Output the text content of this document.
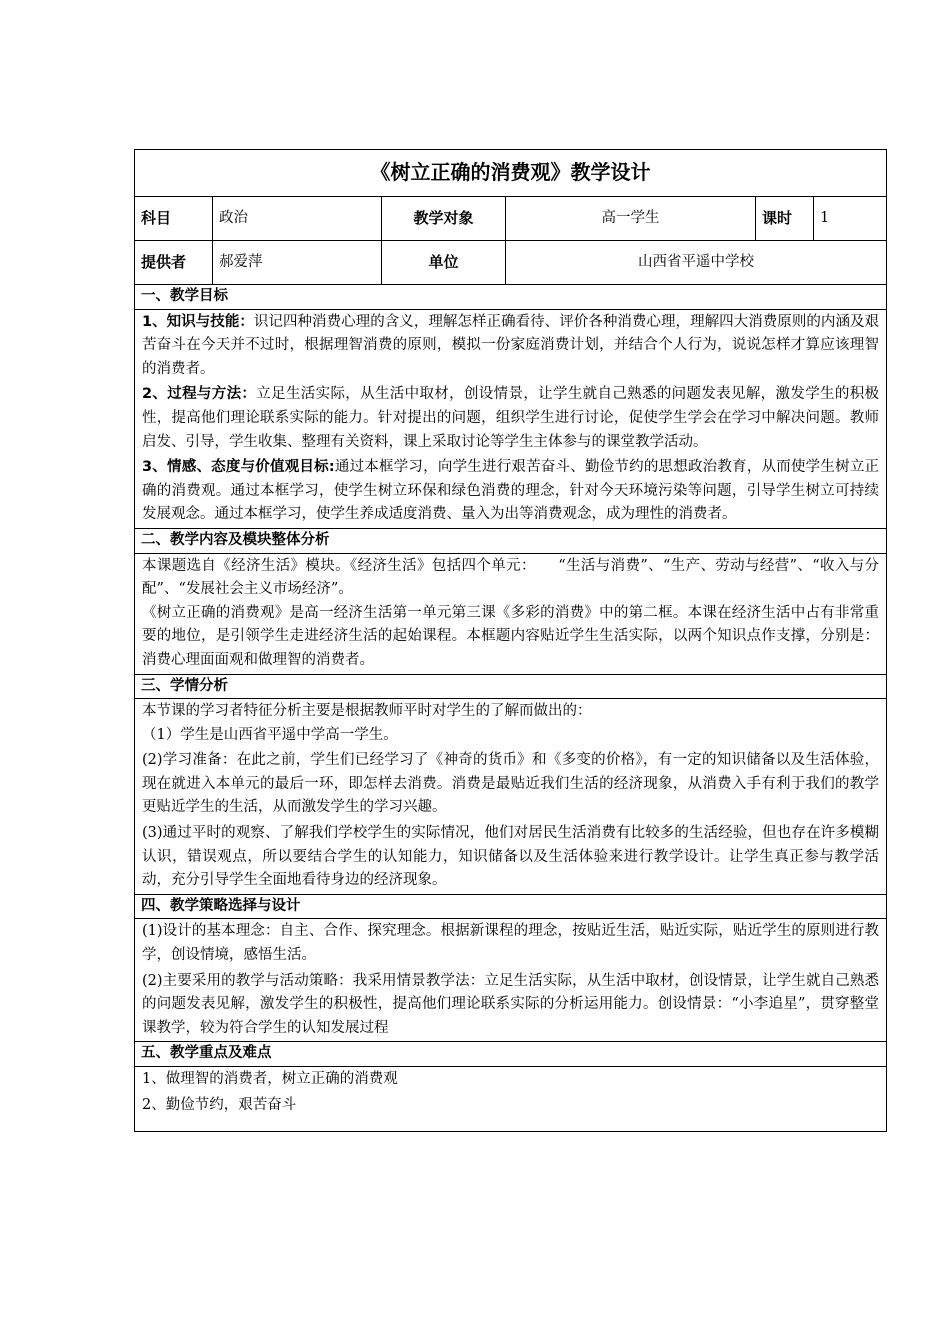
《树立正确的消费观》教学设计					
科目	政治	教学对象	高一学生	课时	1
提供者	郝爱萍	单位	山西省平遥中学校		
一、教学目标					

1、知识与技能：识记四种消费心理的含义，理解怎样正确看待、评价各种消费心理，理解四大消费原则的内涵及艰苦奋斗在今天并不过时，根据理智消费的原则，模拟一份家庭消费计划，并结合个人行为，说说怎样才算应该理智的消费者。

2、过程与方法：立足生活实际，从生活中取材，创设情景，让学生就自己熟悉的问题发表见解，激发学生的积极性，提高他们理论联系实际的能力。针对提出的问题，组织学生进行讨论，促使学生学会在学习中解决问题。教师启发、引导，学生收集、整理有关资料，课上采取讨论等学生主体参与的课堂教学活动。

3、情感、态度与价值观目标:通过本框学习，向学生进行艰苦奋斗、勤俭节约的思想政治教育，从而使学生树立正确的消费观。通过本框学习，使学生树立环保和绿色消费的理念，针对今天环境污染等问题，引导学生树立可持续发展观念。通过本框学习，使学生养成适度消费、量入为出等消费观念，成为理性的消费者。					

二、教学内容及模块整体分析					

本课题选自《经济生活》模块。《经济生活》包括四个单元：　　“生活与消费”、“生产、劳动与经营”、“收入与分配”、“发展社会主义市场经济”。

《树立正确的消费观》是高一经济生活第一单元第三课《多彩的消费》中的第二框。本课在经济生活中占有非常重要的地位，是引领学生走进经济生活的起始课程。本框题内容贴近学生生活实际，以两个知识点作支撑，分别是：消费心理面面观和做理智的消费者。					

三、学情分析					

本节课的学习者特征分析主要是根据教师平时对学生的了解而做出的：

（1）学生是山西省平遥中学高一学生。

(2)学习准备：在此之前，学生们已经学习了《神奇的货币》和《多变的价格》，有一定的知识储备以及生活体验，现在就进入本单元的最后一环，即怎样去消费。消费是最贴近我们生活的经济现象，从消费入手有利于我们的教学更贴近学生的生活，从而激发学生的学习兴趣。

(3)通过平时的观察、了解我们学校学生的实际情况，他们对居民生活消费有比较多的生活经验，但也存在许多模糊认识，错误观点，所以要结合学生的认知能力，知识储备以及生活体验来进行教学设计。让学生真正参与教学活动，充分引导学生全面地看待身边的经济现象。					

四、教学策略选择与设计					

(1)设计的基本理念：自主、合作、探究理念。根据新课程的理念，按贴近生活，贴近实际，贴近学生的原则进行教学，创设情境，感悟生活。

(2)主要采用的教学与活动策略：我采用情景教学法：立足生活实际，从生活中取材，创设情景，让学生就自己熟悉的问题发表见解，激发学生的积极性，提高他们理论联系实际的分析运用能力。创设情景：“小李追星”，贯穿整堂课教学，较为符合学生的认知发展过程					

五、教学重点及难点					

1、做理智的消费者，树立正确的消费观

2、勤俭节约，艰苦奋斗					
